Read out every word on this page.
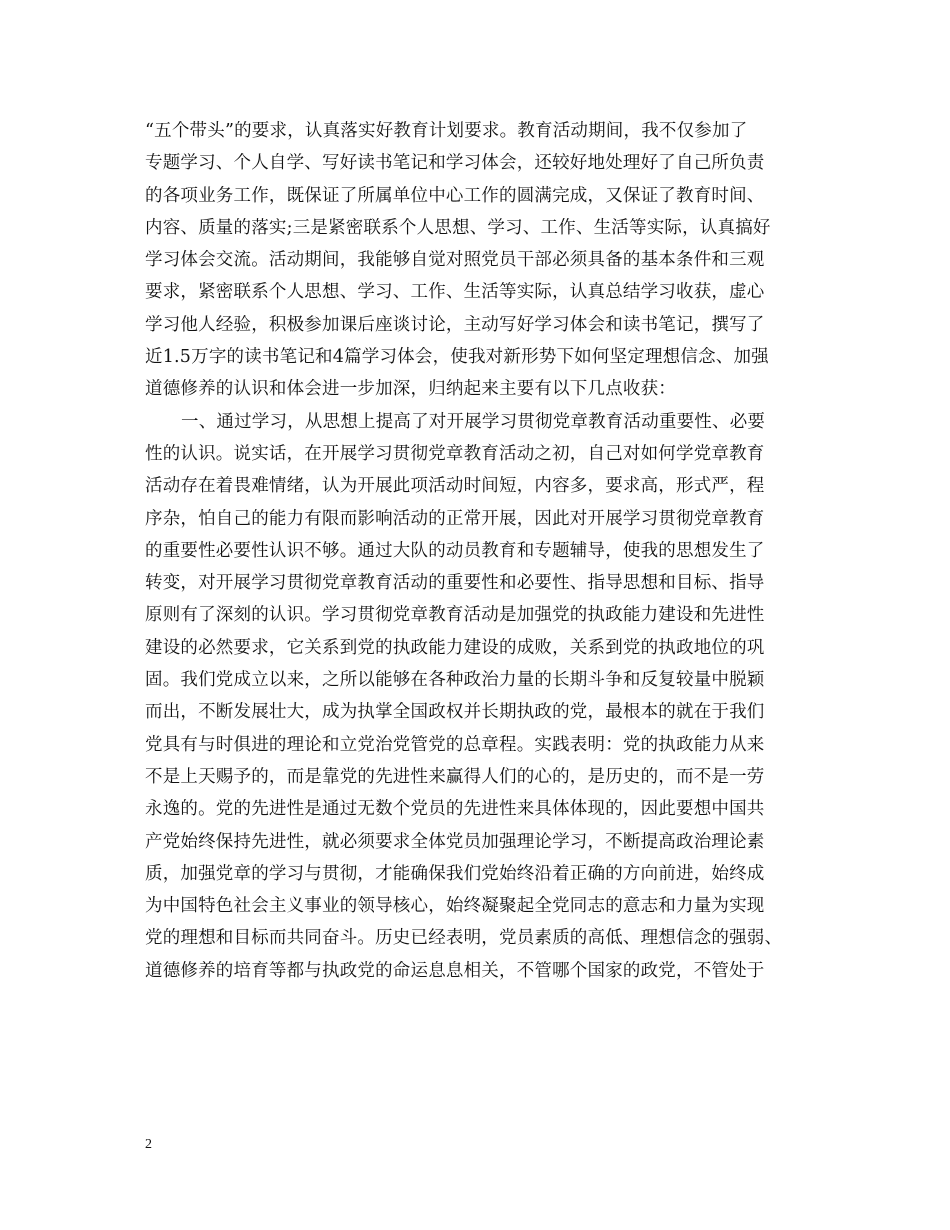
“五个带头”的要求，认真落实好教育计划要求。教育活动期间，我不仅参加了
专题学习、个人自学、写好读书笔记和学习体会，还较好地处理好了自己所负责
的各项业务工作，既保证了所属单位中心工作的圆满完成，又保证了教育时间、
内容、质量的落实;三是紧密联系个人思想、学习、工作、生活等实际，认真搞好
学习体会交流。活动期间，我能够自觉对照党员干部必须具备的基本条件和三观
要求，紧密联系个人思想、学习、工作、生活等实际，认真总结学习收获，虚心
学习他人经验，积极参加课后座谈讨论，主动写好学习体会和读书笔记，撰写了
近1.5万字的读书笔记和4篇学习体会，使我对新形势下如何坚定理想信念、加强
道德修养的认识和体会进一步加深，归纳起来主要有以下几点收获：
一、通过学习，从思想上提高了对开展学习贯彻党章教育活动重要性、必要
性的认识。说实话，在开展学习贯彻党章教育活动之初，自己对如何学党章教育
活动存在着畏难情绪，认为开展此项活动时间短，内容多，要求高，形式严，程
序杂，怕自己的能力有限而影响活动的正常开展，因此对开展学习贯彻党章教育
的重要性必要性认识不够。通过大队的动员教育和专题辅导，使我的思想发生了
转变，对开展学习贯彻党章教育活动的重要性和必要性、指导思想和目标、指导
原则有了深刻的认识。学习贯彻党章教育活动是加强党的执政能力建设和先进性
建设的必然要求，它关系到党的执政能力建设的成败，关系到党的执政地位的巩
固。我们党成立以来，之所以能够在各种政治力量的长期斗争和反复较量中脱颖
而出，不断发展壮大，成为执掌全国政权并长期执政的党，最根本的就在于我们
党具有与时俱进的理论和立党治党管党的总章程。实践表明：党的执政能力从来
不是上天赐予的，而是靠党的先进性来赢得人们的心的，是历史的，而不是一劳
永逸的。党的先进性是通过无数个党员的先进性来具体体现的，因此要想中国共
产党始终保持先进性，就必须要求全体党员加强理论学习，不断提高政治理论素
质，加强党章的学习与贯彻，才能确保我们党始终沿着正确的方向前进，始终成
为中国特色社会主义事业的领导核心，始终凝聚起全党同志的意志和力量为实现
党的理想和目标而共同奋斗。历史已经表明，党员素质的高低、理想信念的强弱、
道德修养的培育等都与执政党的命运息息相关，不管哪个国家的政党，不管处于
2
